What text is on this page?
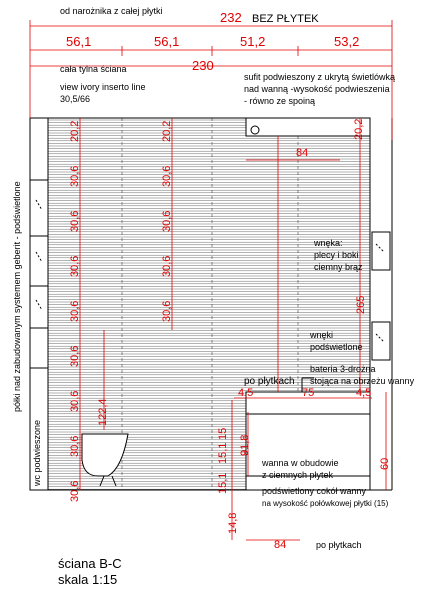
od narożnika z całej płytki	232 BEZ PŁYTEK
cała tylna ściana	230
sufit podwieszony z ukrytą świetlówką
nad wanną -wysokość podwieszenia
- równo ze spoiną
view ivory inserto line
30,5/66
wnęka:
plecy i boki
ciemny brąz
wnęki
podświetlone
po płytkach
bateria 3-drożna
stojąca na obrzeżu wanny
wanna w obudowie
z ciemnych płytek
podświetlony cokół wanny
na wysokość połówkowej płytki (15)
po płytkach
półki nad zabudowanym systemem geberit - podświetlone
wc podwieszone
ściana B-C
skala 1:15
56,1	56,1	51,2	53,2
20,2
30,6
30,6
30,6
30,6
30,6
30,6
30,6
30,6
20,2
30,6
30,6
30,6
30,6
20,2
84
265
122,4
4,5	75	4,5
15,1
15,1
15
91,8
60
14,8
84
